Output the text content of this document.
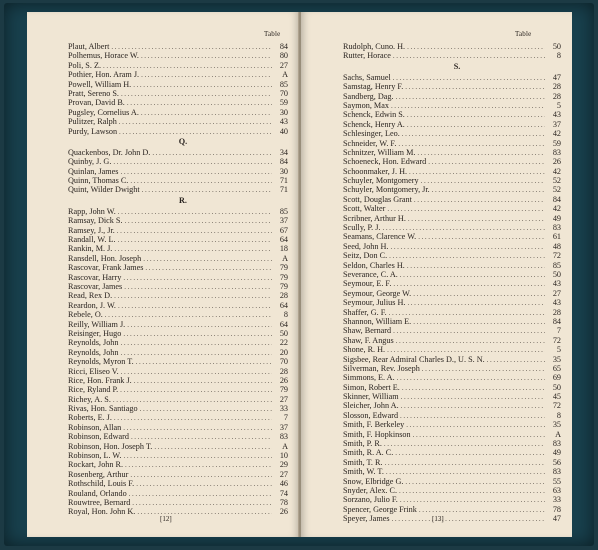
Table
Plaut, Albert .....	84
Polhemus, Horace W. .....	80
Poli, S. Z. .....	27
Pothier, Hon. Aram J. .....	A
Powell, William H. .....	85
Pratt, Sereno S. .....	70
Provan, David B. .....	59
Pugsley, Cornelius A. .....	30
Pulitzer, Ralph .....	43
Purdy, Lawson .....	40
Q.
Quackenbos, Dr. John D. .....	34
Quinby, J. G. .....	84
Quinlan, James .....	30
Quinn, Thomas C. .....	71
Quint, Wilder Dwight .....	71
R.
Rapp, John W. .....	85
Ramsay, Dick S. .....	37
Ramsey, J., Jr. .....	67
Randall, W. L. .....	64
Rankin, M. J. .....	18
Ransdell, Hon. Joseph .....	A
Rascovar, Frank James .....	79
Rascovar, Harry .....	79
Rascovar, James .....	79
Read, Rex D. .....	28
Reardon, J. W. .....	64
Rebele, O. .....	8
Reilly, William J. .....	64
Reisinger, Hugo .....	50
Reynolds, John .....	22
Reynolds, John .....	20
Reynolds, Myron T. .....	70
Ricci, Eliseo V. .....	28
Rice, Hon. Frank J. .....	26
Rice, Ryland P. .....	79
Richey, A. S. .....	27
Rivas, Hon. Santiago .....	33
Roberts, E. J. .....	7
Robinson, Allan .....	37
Robinson, Edward .....	83
Robinson, Hon. Joseph T. .....	A
Robinson, L. W. .....	10
Rockart, John R. .....	29
Rosenberg, Arthur .....	27
Rothschild, Louis F. .....	46
Rouland, Orlando .....	74
Rouwtree, Bernard .....	78
Royal, Hon. John K. .....	26
[12]
Table
Rudolph, Cuno. H. .....	50
Rutter, Horace .....	8
S.
Sachs, Samuel .....	47
Samstag, Henry F. .....	28
Sandberg, Dag. .....	28
Saymon, Max .....	5
Schenck, Edwin S. .....	43
Schenck, Henry A. .....	37
Schlesinger, Leo. .....	42
Schneider, W. F. .....	59
Schnitzer, William M. .....	83
Schoeneck, Hon. Edward .....	26
Schoonmaker, J. H. .....	42
Schuyler, Montgomery .....	52
Schuyler, Montgomery, Jr. .....	52
Scott, Douglas Grant .....	84
Scott, Walter .....	42
Scribner, Arthur H. .....	49
Scully, P. J. .....	83
Seamans, Clarence W. .....	61
Seed, John H. .....	48
Seitz, Don C. .....	72
Seldon, Charles H. .....	85
Severance, C. A. .....	50
Seymour, E. F. .....	43
Seymour, George W. .....	27
Seymour, Julius H. .....	43
Shaffer, G. F. .....	28
Shannon, William E. .....	84
Shaw, Bernard .....	7
Shaw, F. Angus .....	72
Shone, R. H. .....	5
Sigsbee, Rear Admiral Charles D., U. S. N. .....	35
Silverman, Rev. Joseph .....	65
Simmons, E. A. .....	69
Simon, Robert E. .....	50
Skinner, William .....	45
Sleicher, John A. .....	72
Slosson, Edward .....	8
Smith, F. Berkeley .....	35
Smith, F. Hopkinson .....	A
Smith, P. R. .....	83
Smith, R. A. C. .....	49
Smith, T. R. .....	56
Smith, W. T. .....	83
Snow, Elbridge G. .....	55
Snyder, Alex. C. .....	63
Sorzano, Julio F. .....	33
Spencer, George Frink .....	78
Speyer, James .....	47
[13]
